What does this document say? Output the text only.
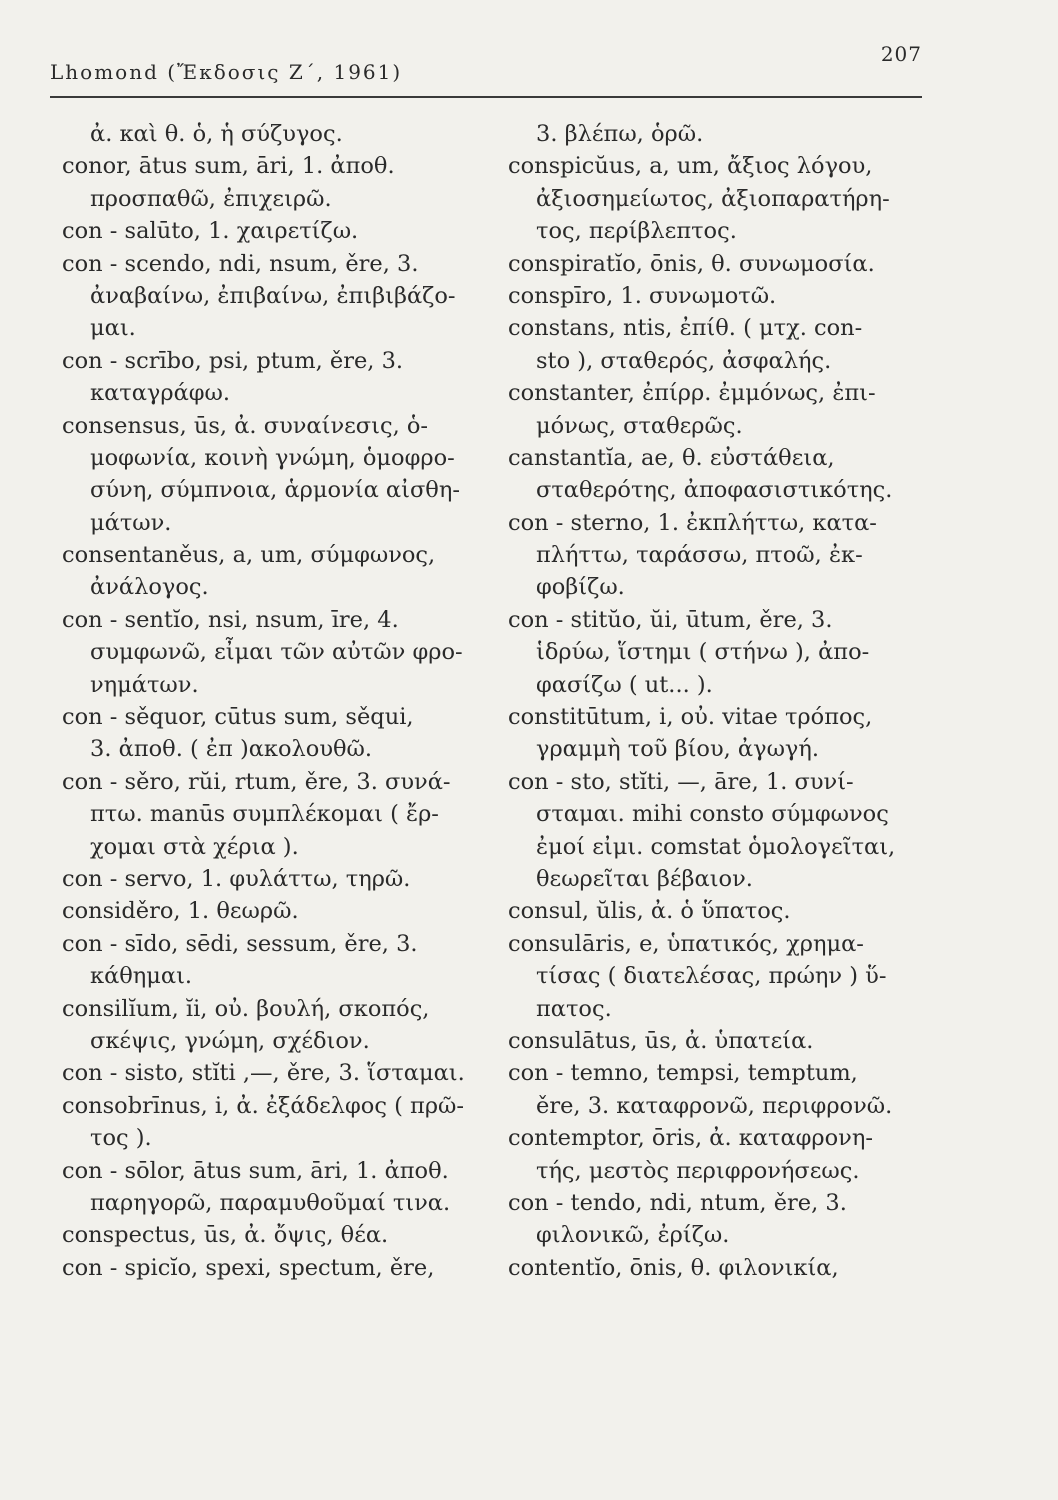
Lhomond (Ἔκδοσις Ζ΄, 1961)
207
ἀ. καὶ θ. ὁ, ἡ σύζυγος.
conor, ātus sum, āri, 1. ἀποθ.
προσπαθῶ, ἐπιχειρῶ.
con - salūto, 1. χαιρετίζω.
con - scendo, ndi, nsum, ěre, 3.
ἀναβαίνω, ἐπιβαίνω, ἐπιβιβάζο-
μαι.
con - scrībo, psi, ptum, ěre, 3.
καταγράφω.
consensus, ūs, ἀ. συναίνεσις, ὁ-
μοφωνία, κοινὴ γνώμη, ὁμοφρο-
σύνη, σύμπνοια, ἁρμονία αἰσθη-
μάτων.
consentaněus, a, um, σύμφωνος,
ἀνάλογος.
con - sentĭo, nsi, nsum, īre, 4.
συμφωνῶ, εἶμαι τῶν αὐτῶν φρο-
νημάτων.
con - sěquor, cūtus sum, sěqui,
3. ἀποθ. ( ἐπ )ακολουθῶ.
con - sěro, rŭi, rtum, ěre, 3. συνά-
πτω. manūs συμπλέκομαι ( ἔρ-
χομαι στὰ χέρια ).
con - servo, 1. φυλάττω, τηρῶ.
considěro, 1. θεωρῶ.
con - sīdo, sēdi, sessum, ěre, 3.
κάθημαι.
consilĭum, ĭi, οὐ. βουλή, σκοπός,
σκέψις, γνώμη, σχέδιον.
con - sisto, stĭti ,—, ěre, 3. ἵσταμαι.
consobrīnus, i, ἀ. ἐξάδελφος ( πρῶ-
τος ).
con - sōlor, ātus sum, āri, 1. ἀποθ.
παρηγορῶ, παραμυθοῦμαί τινα.
conspectus, ūs, ἀ. ὄψις, θέα.
con - spicĭo, spexi, spectum, ěre,
3. βλέπω, ὁρῶ.
conspicŭus, a, um, ἄξιος λόγου,
ἀξιοσημείωτος, ἀξιοπαρατήρη-
τος, περίβλεπτος.
conspiratĭo, ōnis, θ. συνωμοσία.
conspīro, 1. συνωμοτῶ.
constans, ntis, ἐπίθ. ( μτχ. con-
sto ), σταθερός, ἀσφαλής.
constanter, ἐπίρρ. ἐμμόνως, ἐπι-
μόνως, σταθερῶς.
canstantĭa, ae, θ. εὐστάθεια,
σταθερότης, ἀποφασιστικότης.
con - sterno, 1. ἐκπλήττω, κατα-
πλήττω, ταράσσω, πτοῶ, ἐκ-
φοβίζω.
con - stitŭo, ŭi, ūtum, ěre, 3.
ἱδρύω, ἵστημι ( στήνω ), ἀπο-
φασίζω ( ut... ).
constitūtum, i, οὐ. vitae τρόπος,
γραμμὴ τοῦ βίου, ἀγωγή.
con - sto, stĭti, —, āre, 1. συνί-
σταμαι. mihi consto σύμφωνος
ἐμοί εἰμι. comstat ὁμολογεῖται,
θεωρεῖται βέβαιον.
consul, ŭlis, ἀ. ὁ ὕπατος.
consulāris, e, ὑπατικός, χρημα-
τίσας ( διατελέσας, πρώην ) ὕ-
πατος.
consulātus, ūs, ἀ. ὑπατεία.
con - temno, tempsi, temptum,
ěre, 3. καταφρονῶ, περιφρονῶ.
contemptor, ōris, ἀ. καταφρονη-
τής, μεστὸς περιφρονήσεως.
con - tendo, ndi, ntum, ěre, 3.
φιλονικῶ, ἐρίζω.
contentĭo, ōnis, θ. φιλονικία,
